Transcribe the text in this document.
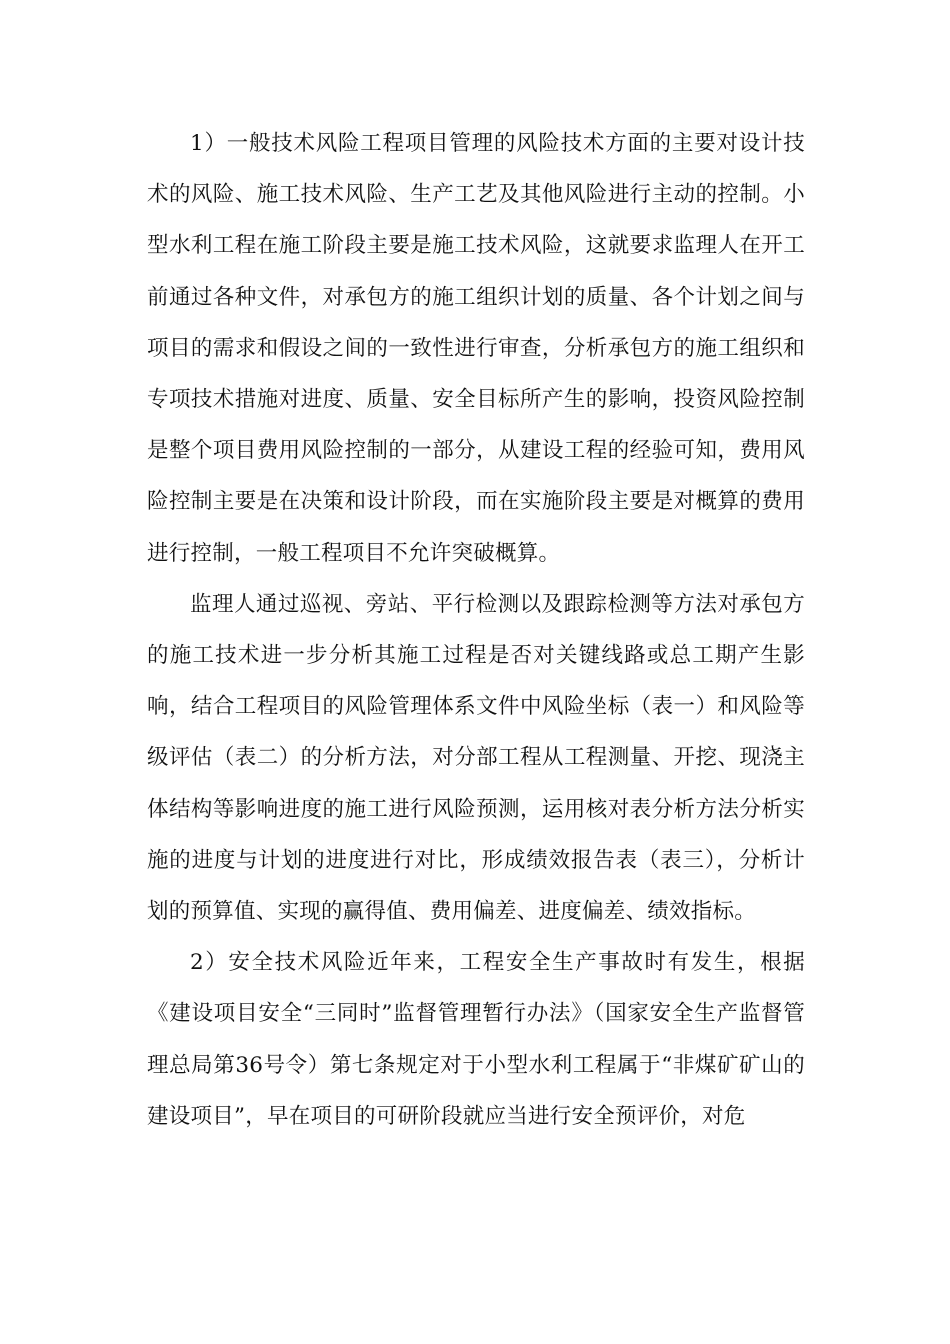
1）一般技术风险工程项目管理的风险技术方面的主要对设计技术的风险、施工技术风险、生产工艺及其他风险进行主动的控制。小型水利工程在施工阶段主要是施工技术风险，这就要求监理人在开工前通过各种文件，对承包方的施工组织计划的质量、各个计划之间与项目的需求和假设之间的一致性进行审查，分析承包方的施工组织和专项技术措施对进度、质量、安全目标所产生的影响，投资风险控制是整个项目费用风险控制的一部分，从建设工程的经验可知，费用风险控制主要是在决策和设计阶段，而在实施阶段主要是对概算的费用进行控制，一般工程项目不允许突破概算。

监理人通过巡视、旁站、平行检测以及跟踪检测等方法对承包方的施工技术进一步分析其施工过程是否对关键线路或总工期产生影响，结合工程项目的风险管理体系文件中风险坐标（表一）和风险等级评估（表二）的分析方法，对分部工程从工程测量、开挖、现浇主体结构等影响进度的施工进行风险预测，运用核对表分析方法分析实施的进度与计划的进度进行对比，形成绩效报告表（表三），分析计划的预算值、实现的赢得值、费用偏差、进度偏差、绩效指标。

2）安全技术风险近年来，工程安全生产事故时有发生，根据《建设项目安全“三同时”监督管理暂行办法》（国家安全生产监督管理总局第36号令）第七条规定对于小型水利工程属于“非煤矿矿山的建设项目”，早在项目的可研阶段就应当进行安全预评价，对危
